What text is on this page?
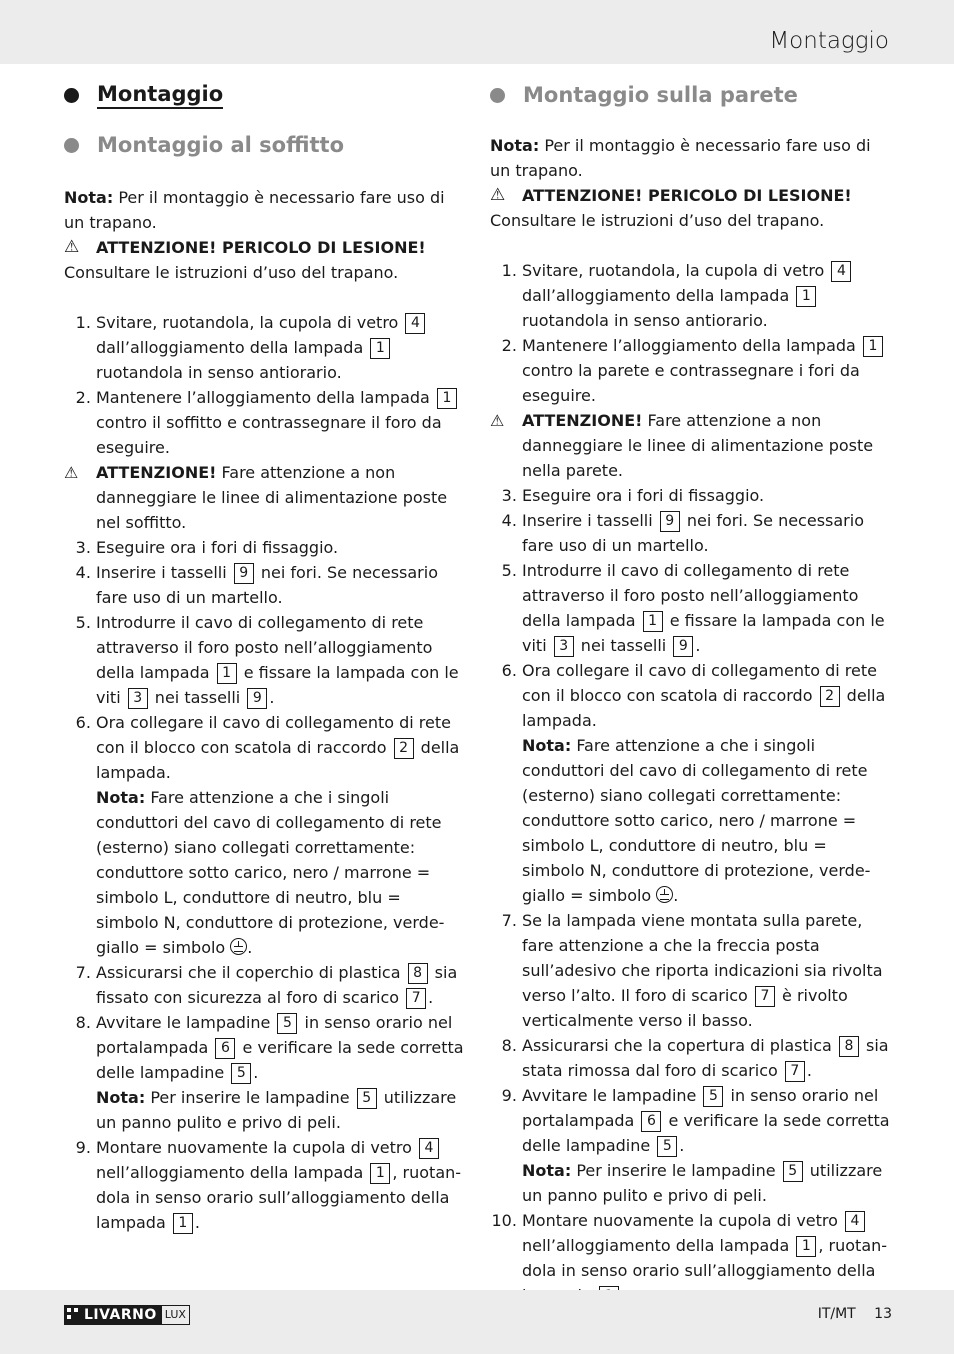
Montaggio
Montaggio
Montaggio al soffitto

Nota: Per il montaggio è necessario fare uso di un trapano.

⚠	ATTENZIONE! PERICOLO DI LESIONE!

Consultare le istruzioni d’uso del trapano.

1. Svitare, ruotandola, la cupola di vetro 4 dall’alloggiamento della lampada 1 ruotandola in senso antiorario.
2. Mantenere l’alloggiamento della lampada 1 contro il soffitto e contrassegnare il foro da eseguire.
⚠	ATTENZIONE! Fare attenzione a non danneggiare le linee di alimentazione poste nel soffitto.
3. Eseguire ora i fori di fissaggio.
4. Inserire i tasselli 9 nei fori. Se necessario fare uso di un martello.
5. Introdurre il cavo di collegamento di rete attraverso il foro posto nell’alloggiamento della lampada 1 e fissare la lampada con le viti 3 nei tasselli 9 .
6. Ora collegare il cavo di collegamento di rete con il blocco con scatola di raccordo 2 della lampada.
Nota: Fare attenzione a che i singoli conduttori del cavo di collegamento di rete (esterno) siano collegati correttamente:
conduttore sotto carico, nero / marrone = simbolo L, conduttore di neutro, blu = simbolo N, conduttore di protezione, verde-giallo = simbolo .
7. Assicurarsi che il coperchio di plastica 8 sia fissato con sicurezza al foro di scarico 7 .
8. Avvitare le lampadine 5 in senso orario nel portalampada 6 e verificare la sede corretta delle lampadine 5 .
Nota: Per inserire le lampadine 5 utilizzare un panno pulito e privo di peli.
9. Montare nuovamente la cupola di vetro 4 nell’alloggiamento della lampada 1 , ruotandola in senso orario sull’alloggiamento della lampada 1 .
Montaggio sulla parete

Nota: Per il montaggio è necessario fare uso di un trapano.

⚠	ATTENZIONE! PERICOLO DI LESIONE!

Consultare le istruzioni d’uso del trapano.

1. Svitare, ruotandola, la cupola di vetro 4 dall’alloggiamento della lampada 1 ruotandola in senso antiorario.
2. Mantenere l’alloggiamento della lampada 1 contro la parete e contrassegnare i fori da eseguire.
⚠	ATTENZIONE! Fare attenzione a non danneggiare le linee di alimentazione poste nella parete.
3. Eseguire ora i fori di fissaggio.
4. Inserire i tasselli 9 nei fori. Se necessario fare uso di un martello.
5. Introdurre il cavo di collegamento di rete attraverso il foro posto nell’alloggiamento della lampada 1 e fissare la lampada con le viti 3 nei tasselli 9 .
6. Ora collegare il cavo di collegamento di rete con il blocco con scatola di raccordo 2 della lampada.
Nota: Fare attenzione a che i singoli conduttori del cavo di collegamento di rete (esterno) siano collegati correttamente:
conduttore sotto carico, nero / marrone = simbolo L, conduttore di neutro, blu = simbolo N, conduttore di protezione, verde-giallo = simbolo .
7. Se la lampada viene montata sulla parete, fare attenzione a che la freccia posta sull’adesivo che riporta indicazioni sia rivolta verso l’alto. Il foro di scarico 7 è rivolto verticalmente verso il basso.
8. Assicurarsi che la copertura di plastica 8 sia stata rimossa dal foro di scarico 7 .
9. Avvitare le lampadine 5 in senso orario nel portalampada 6 e verificare la sede corretta delle lampadine 5 .
Nota: Per inserire le lampadine 5 utilizzare un panno pulito e privo di peli.
10. Montare nuovamente la cupola di vetro 4 nell’alloggiamento della lampada 1 , ruotandola in senso orario sull’alloggiamento della
LIVARNO LUX	IT/MT 13
